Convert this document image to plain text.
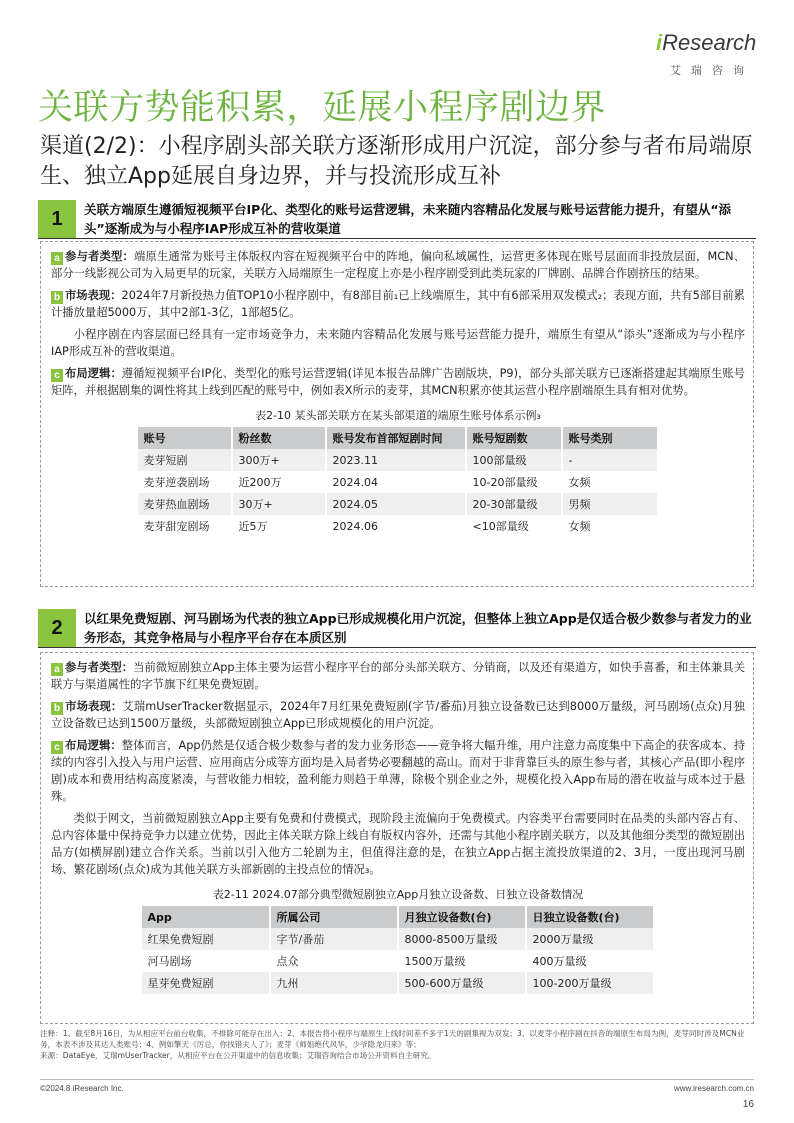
iResearch
艾瑞咨询
关联方势能积累，延展小程序剧边界
渠道(2/2)：小程序剧头部关联方逐渐形成用户沉淀，部分参与者布局端原生、独立App延展自身边界，并与投流形成互补
1	关联方端原生遵循短视频平台IP化、类型化的账号运营逻辑，未来随内容精品化发展与账号运营能力提升，有望从“添头”逐渐成为与小程序IAP形成互补的营收渠道

a 参与者类型：端原生通常为账号主体版权内容在短视频平台中的阵地，偏向私域属性，运营更多体现在账号层面而非投放层面，MCN、部分一线影视公司为入局更早的玩家，关联方入局端原生一定程度上亦是小程序剧受到此类玩家的厂牌剧、品牌合作剧挤压的结果。

b 市场表现：2024年7月新投热力值TOP10小程序剧中，有8部目前₁已上线端原生，其中有6部采用双发模式₂；表现方面，共有5部目前累计播放量超5000万，其中2部1-3亿，1部超5亿。

小程序剧在内容层面已经具有一定市场竞争力，未来随内容精品化发展与账号运营能力提升，端原生有望从“添头”逐渐成为与小程序IAP形成互补的营收渠道。

c 布局逻辑：遵循短视频平台IP化、类型化的账号运营逻辑(详见本报告品牌广告剧版块，P9)，部分头部关联方已逐渐搭建起其端原生账号矩阵，并根据剧集的调性将其上线到匹配的账号中，例如表X所示的麦芽，其MCN积累亦使其运营小程序剧端原生具有相对优势。

表2-10 某头部关联方在某头部渠道的端原生账号体系示例₃
账号	粉丝数	账号发布首部短剧时间	账号短剧数	账号类别
麦芽短剧	300万+	2023.11	100部量级	-
麦芽逆袭剧场	近200万	2024.04	10-20部量级	女频
麦芽热血剧场	30万+	2024.05	20-30部量级	男频
麦芽甜宠剧场	近5万	2024.06	<10部量级	女频
2	以红果免费短剧、河马剧场为代表的独立App已形成规模化用户沉淀，但整体上独立App是仅适合极少数参与者发力的业务形态，其竞争格局与小程序平台存在本质区别

a 参与者类型：当前微短剧独立App主体主要为运营小程序平台的部分头部关联方、分销商，以及还有渠道方，如快手喜番，和主体兼具关联方与渠道属性的字节旗下红果免费短剧。

b 市场表现：艾瑞mUserTracker数据显示，2024年7月红果免费短剧(字节/番茄)月独立设备数已达到8000万量级，河马剧场(点众)月独立设备数已达到1500万量级，头部微短剧独立App已形成规模化的用户沉淀。

c 布局逻辑：整体而言，App仍然是仅适合极少数参与者的发力业务形态——竞争将大幅升维，用户注意力高度集中下高企的获客成本、持续的内容引入投入与用户运营、应用商店分成等方面均是入局者势必要翻越的高山。而对于非背靠巨头的原生参与者，其核心产品(即小程序剧)成本和费用结构高度紧凑，与营收能力相较，盈利能力则趋于单薄，除极个别企业之外，规模化投入App布局的潜在收益与成本过于悬殊。

类似于网文，当前微短剧独立App主要有免费和付费模式，现阶段主流偏向于免费模式。内容类平台需要同时在品类的头部内容占有、总内容体量中保持竞争力以建立优势，因此主体关联方除上线自有版权内容外，还需与其他小程序剧关联方，以及其他细分类型的微短剧出品方(如横屏剧)建立合作关系。当前以引入他方二轮剧为主，但值得注意的是，在独立App占据主流投放渠道的2、3月，一度出现河马剧场、繁花剧场(点众)成为其他关联方头部新剧的主投点位的情况₃。

表2-11 2024.07部分典型微短剧独立App月独立设备数、日独立设备数情况
App	所属公司	月独立设备数(台)	日独立设备数(台)
红果免费短剧	字节/番茄	8000-8500万量级	2000万量级
河马剧场	点众	1500万量级	400万量级
星芽免费短剧	九州	500-600万量级	100-200万量级
注释：1、截至8月16日，为从相应平台前台收集，不排除可能存在出入；2、本报告将小程序与端原生上线时间差不多于1天的剧集视为双发；3、以麦芽小程序剧在抖音的端原生布局为例，麦芽同时涉及MCN业务，本表不涉及其达人类账号；4、例如擎天《厉总，你找错夫人了》；麦芽《师姐绝代风华，少爷隐龙归来》等；
来源：DataEye，艾瑞mUserTracker，从相应平台在公开渠道中的信息收集；艾瑞咨询结合市场公开资料自主研究。
©2024.8 iResearch Inc.	www.iresearch.com.cn
16
